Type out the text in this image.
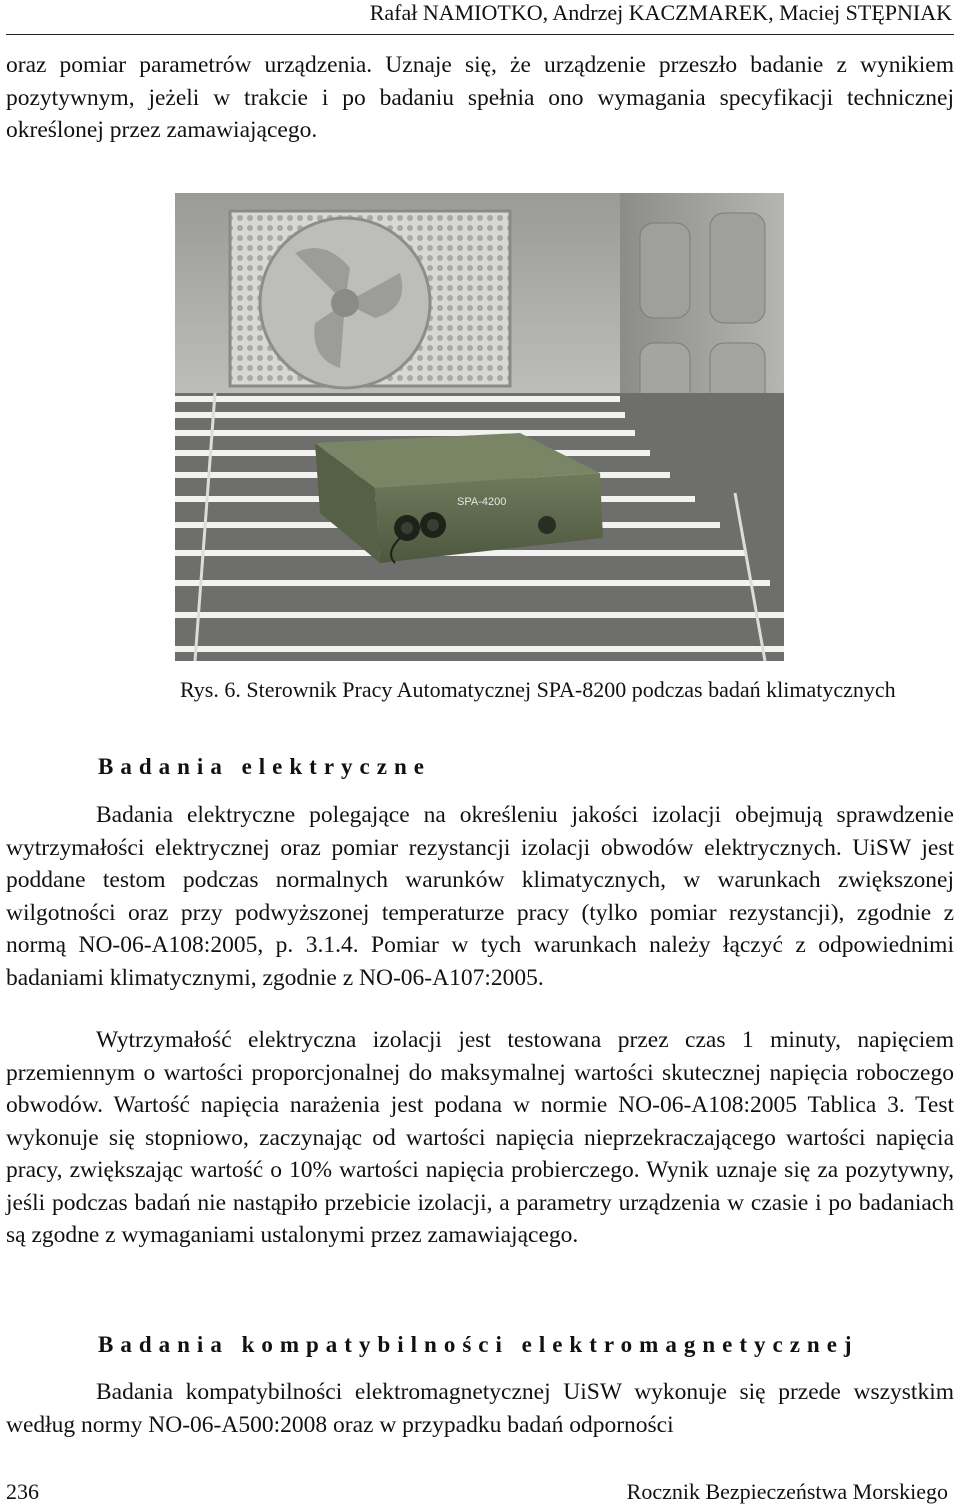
Rafał NAMIOTKO, Andrzej KACZMAREK, Maciej STĘPNIAK

oraz pomiar parametrów urządzenia. Uznaje się, że urządzenie przeszło badanie z wynikiem pozytywnym, jeżeli w trakcie i po badaniu spełnia ono wymagania specyfikacji technicznej określonej przez zamawiającego.

SPA-4200
Rys. 6. Sterownik Pracy Automatycznej SPA-8200 podczas badań klimatycznych
Badania elektryczne

Badania elektryczne polegające na określeniu jakości izolacji obejmują sprawdzenie wytrzymałości elektrycznej oraz pomiar rezystancji izolacji obwodów elektrycznych. UiSW jest poddane testom podczas normalnych warunków klimatycznych, w warunkach zwiększonej wilgotności oraz przy podwyższonej temperaturze pracy (tylko pomiar rezystancji), zgodnie z normą NO-06-A108:2005, p. 3.1.4. Pomiar w tych warunkach należy łączyć z odpowiednimi badaniami klimatycznymi, zgodnie z NO-06-A107:2005.

Wytrzymałość elektryczna izolacji jest testowana przez czas 1 minuty, napięciem przemiennym o wartości proporcjonalnej do maksymalnej wartości skutecznej napięcia roboczego obwodów. Wartość napięcia narażenia jest podana w normie NO-06-A108:2005 Tablica 3. Test wykonuje się stopniowo, zaczynając od wartości napięcia nieprzekraczającego wartości napięcia pracy, zwiększając wartość o 10% wartości napięcia probierczego. Wynik uznaje się za pozytywny, jeśli podczas badań nie nastąpiło przebicie izolacji, a parametry urządzenia w czasie i po badaniach są zgodne z wymaganiami ustalonymi przez zamawiającego.

Badania kompatybilności elektromagnetycznej

Badania kompatybilności elektromagnetycznej UiSW wykonuje się przede wszystkim według normy NO-06-A500:2008 oraz w przypadku badań odporności

236	Rocznik Bezpieczeństwa Morskiego
